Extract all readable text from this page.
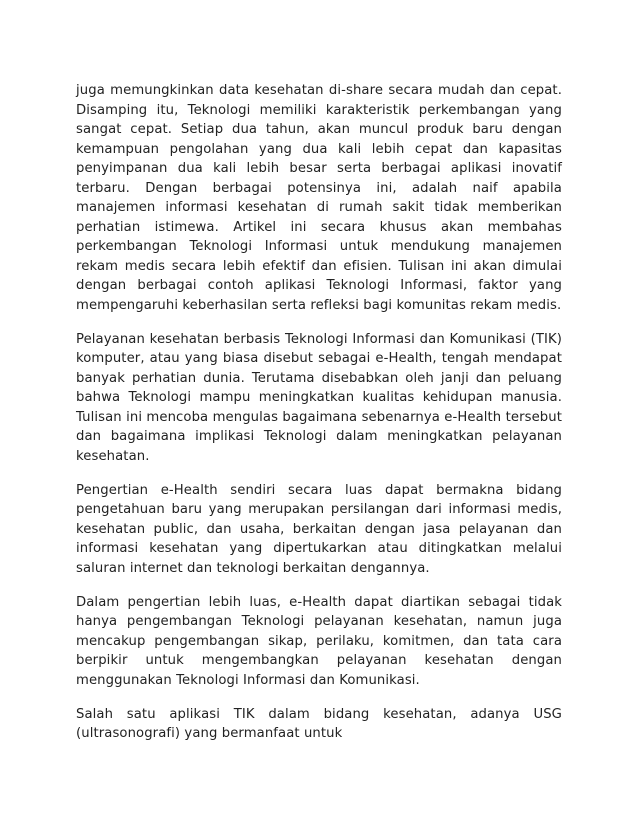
juga memungkinkan data kesehatan di-share secara mudah dan cepat. Disamping itu, Teknologi memiliki karakteristik perkembangan yang sangat cepat. Setiap dua tahun, akan muncul produk baru dengan kemampuan pengolahan yang dua kali lebih cepat dan kapasitas penyimpanan dua kali lebih besar serta berbagai aplikasi inovatif terbaru. Dengan berbagai potensinya ini, adalah naif apabila manajemen informasi kesehatan di rumah sakit tidak memberikan perhatian istimewa. Artikel ini secara khusus akan membahas perkembangan Teknologi Informasi untuk mendukung manajemen rekam medis secara lebih efektif dan efisien. Tulisan ini akan dimulai dengan berbagai contoh aplikasi Teknologi Informasi, faktor yang mempengaruhi keberhasilan serta refleksi bagi komunitas rekam medis.

Pelayanan kesehatan berbasis Teknologi Informasi dan Komunikasi (TIK) komputer, atau yang biasa disebut sebagai e-Health, tengah mendapat banyak perhatian dunia. Terutama disebabkan oleh janji dan peluang bahwa Teknologi mampu meningkatkan kualitas kehidupan manusia. Tulisan ini mencoba mengulas bagaimana sebenarnya e-Health tersebut dan bagaimana implikasi Teknologi dalam meningkatkan pelayanan kesehatan.

Pengertian e-Health sendiri secara luas dapat bermakna bidang pengetahuan baru yang merupakan persilangan dari informasi medis, kesehatan public, dan usaha, berkaitan dengan jasa pelayanan dan informasi kesehatan yang dipertukarkan atau ditingkatkan melalui saluran internet dan teknologi berkaitan dengannya.

Dalam pengertian lebih luas, e-Health dapat diartikan sebagai tidak hanya pengembangan Teknologi pelayanan kesehatan, namun juga mencakup pengembangan sikap, perilaku, komitmen, dan tata cara berpikir untuk mengembangkan pelayanan kesehatan dengan menggunakan Teknologi Informasi dan Komunikasi.

Salah satu aplikasi TIK dalam bidang kesehatan, adanya USG (ultrasonografi) yang bermanfaat untuk
